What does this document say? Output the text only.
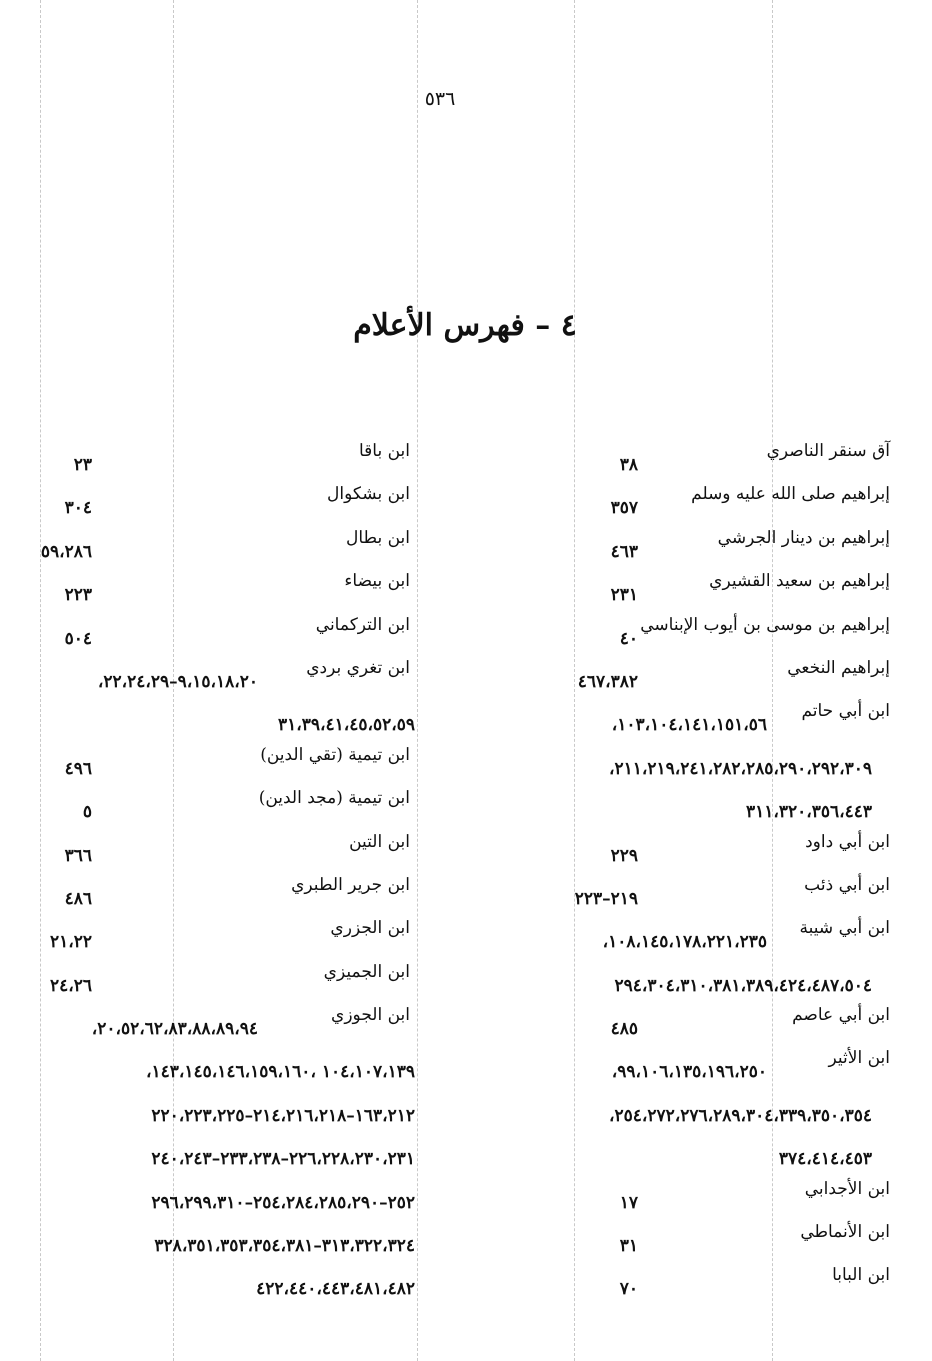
٥٣٦
٤ – فهرس الأعلام
آق سنقر الناصري
٣٨
إبراهيم صلى الله عليه وسلم
٣٥٧
إبراهيم بن دينار الجرشي
٤٦٣
إبراهيم بن سعيد القشيري
٢٣١
إبراهيم بن موسى بن أيوب الإبناسي
٤٠
إبراهيم النخعي
٤٦٧،٣٨٢
ابن أبي حاتم
١٠٣،١٠٤،١٤١،١٥١،٥٦،
٢١١،٢١٩،٢٤١،٢٨٢،٢٨٥،٢٩٠،٢٩٢،٣٠٩،
٣١١،٣٢٠،٣٥٦،٤٤٣
ابن أبي داود
٢٢٩
ابن أبي ذئب
٢١٩–٢٢٣
ابن أبي شيبة
١٠٨،١٤٥،١٧٨،٢٢١،٢٣٥،
٢٩٤،٣٠٤،٣١٠،٣٨١،٣٨٩،٤٢٤،٤٨٧،٥٠٤
ابن أبي عاصم
٤٨٥
ابن الأثير
٩٩،١٠٦،١٣٥،١٩٦،٢٥٠،
٢٥٤،٢٧٢،٢٧٦،٢٨٩،٣٠٤،٣٣٩،٣٥٠،٣٥٤،
٣٧٤،٤١٤،٤٥٣
ابن الأجدابي
١٧
ابن الأنماطي
٣١
ابن البابا
٧٠
ابن باقا
٢٣
ابن بشكوال
٣٠٤
ابن بطال
٥٩،٢٨٦
ابن بيضاء
٢٢٣
ابن التركماني
٥٠٤
ابن تغري بردي
٩،١٥،١٨،٢٠–٢٢،٢٤،٢٩،
٣١،٣٩،٤١،٤٥،٥٢،٥٩
ابن تيمية (تقي الدين)
٤٩٦
ابن تيمية (مجد الدين)
٥
ابن التين
٣٦٦
ابن جرير الطبري
٤٨٦
ابن الجزري
٢١،٢٢
ابن الجميزي
٢٤،٢٦
ابن الجوزي
٢٠،٥٢،٦٢،٨٣،٨٨،٨٩،٩٤،
١٠٤،١٠٧،١٣٩ ،١٤٣،١٤٥،١٤٦،١٥٩،١٦٠،
١٦٣،٢١٢–٢١٤،٢١٦،٢١٨–٢٢٠،٢٢٣،٢٢٥
٢٢٦،٢٢٨،٢٣٠،٢٣١–٢٣٣،٢٣٨–٢٤٠،٢٤٣
٢٥٢–٢٥٤،٢٨٤،٢٨٥،٢٩٠–٢٩٦،٢٩٩،٣١٠
٣١٣،٣٢٢،٣٢٤–٣٢٨،٣٥١،٣٥٣،٣٥٤،٣٨١
٤٢٢،٤٤٠،٤٤٣،٤٨١،٤٨٢
